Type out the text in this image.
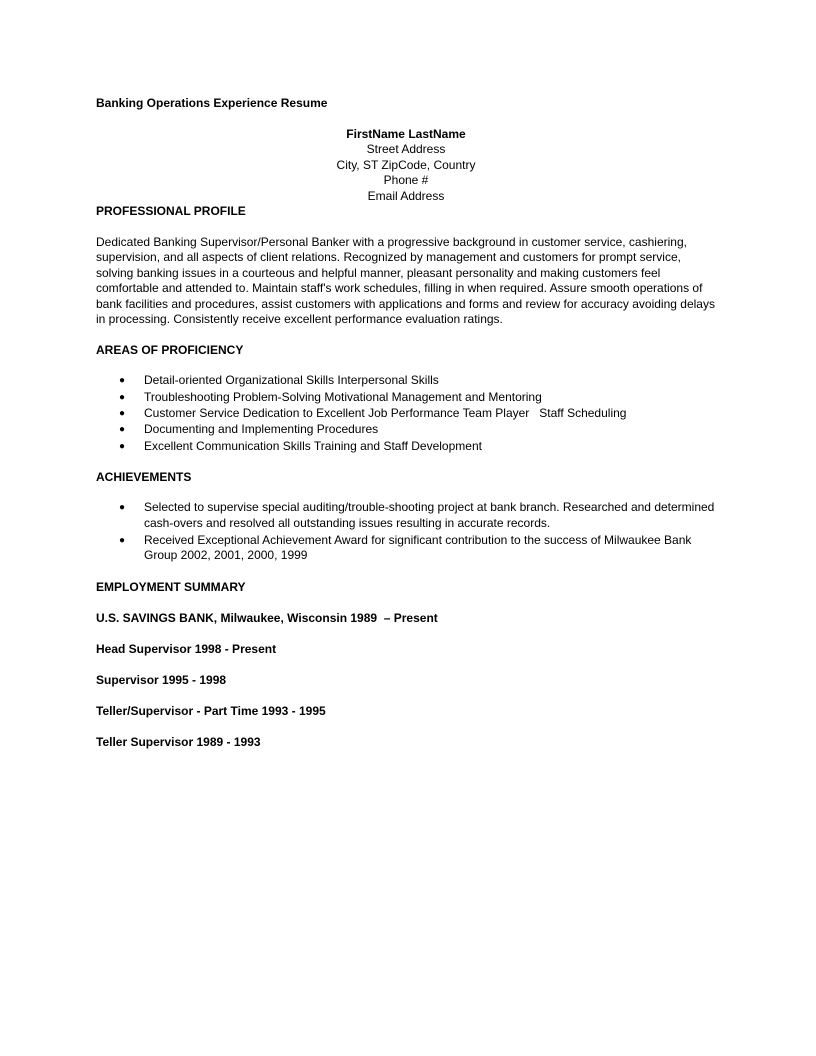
Banking Operations Experience Resume

FirstName LastName
Street Address
City, ST ZipCode, Country
Phone #
Email Address

PROFESSIONAL PROFILE

Dedicated Banking Supervisor/Personal Banker with a progressive background in customer service, cashiering, supervision, and all aspects of client relations. Recognized by management and customers for prompt service, solving banking issues in a courteous and helpful manner, pleasant personality and making customers feel comfortable and attended to. Maintain staff's work schedules, filling in when required. Assure smooth operations of bank facilities and procedures, assist customers with applications and forms and review for accuracy avoiding delays in processing. Consistently receive excellent performance evaluation ratings.

AREAS OF PROFICIENCY

● Detail-oriented Organizational Skills Interpersonal Skills
● Troubleshooting Problem-Solving Motivational Management and Mentoring
● Customer Service Dedication to Excellent Job Performance Team Player   Staff Scheduling
● Documenting and Implementing Procedures
● Excellent Communication Skills Training and Staff Development

ACHIEVEMENTS

● Selected to supervise special auditing/trouble-shooting project at bank branch. Researched and determined cash-overs and resolved all outstanding issues resulting in accurate records.
● Received Exceptional Achievement Award for significant contribution to the success of Milwaukee Bank Group 2002, 2001, 2000, 1999

EMPLOYMENT SUMMARY

U.S. SAVINGS BANK, Milwaukee, Wisconsin 1989  – Present

Head Supervisor 1998 - Present

Supervisor 1995 - 1998

Teller/Supervisor - Part Time 1993 - 1995

Teller Supervisor 1989 - 1993
